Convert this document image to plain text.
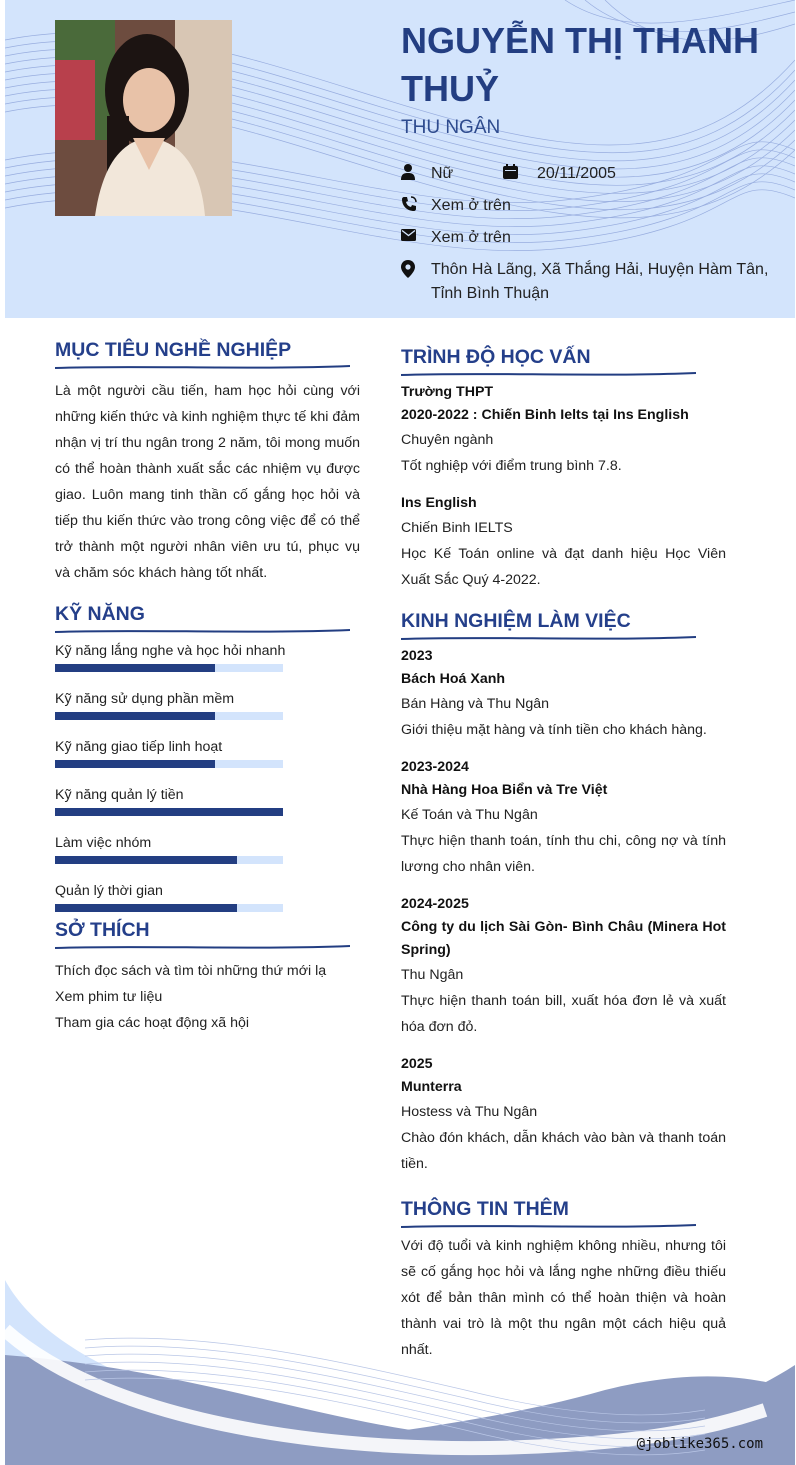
NGUYỄN THỊ THANH THUỶ
THU NGÂN
Nữ	20/11/2005
Xem ở trên
Xem ở trên
Thôn Hà Lãng, Xã Thắng Hải, Huyện Hàm Tân, Tỉnh Bình Thuận
MỤC TIÊU NGHỀ NGHIỆP
Là một người cầu tiến, ham học hỏi cùng với những kiến thức và kinh nghiệm thực tế khi đảm nhận vị trí thu ngân trong 2 năm, tôi mong muốn có thể hoàn thành xuất sắc các nhiệm vụ được giao. Luôn mang tinh thần cố gắng học hỏi và tiếp thu kiến thức vào trong công việc để có thể trở thành một người nhân viên ưu tú, phục vụ và chăm sóc khách hàng tốt nhất.
KỸ NĂNG
Kỹ năng lắng nghe và học hỏi nhanh
Kỹ năng sử dụng phần mềm
Kỹ năng giao tiếp linh hoạt
Kỹ năng quản lý tiền
Làm việc nhóm
Quản lý thời gian
SỞ THÍCH
Thích đọc sách và tìm tòi những thứ mới lạ
Xem phim tư liệu
Tham gia các hoạt động xã hội
TRÌNH ĐỘ HỌC VẤN
Trường THPT
2020-2022 : Chiến Binh Ielts tại Ins English
Chuyên ngành
Tốt nghiệp với điểm trung bình 7.8.
Ins English
Chiến Binh IELTS
Học Kế Toán online và đạt danh hiệu Học Viên Xuất Sắc Quý 4-2022.
KINH NGHIỆM LÀM VIỆC
2023
Bách Hoá Xanh
Bán Hàng và Thu Ngân
Giới thiệu mặt hàng và tính tiền cho khách hàng.
2023-2024
Nhà Hàng Hoa Biển và Tre Việt
Kế Toán và Thu Ngân
Thực hiện thanh toán, tính thu chi, công nợ và tính lương cho nhân viên.
2024-2025
Công ty du lịch Sài Gòn- Bình Châu (Minera Hot Spring)
Thu Ngân
Thực hiện thanh toán bill, xuất hóa đơn lẻ và xuất hóa đơn đỏ.
2025
Munterra
Hostess và Thu Ngân
Chào đón khách, dẫn khách vào bàn và thanh toán tiền.
THÔNG TIN THÊM
Với độ tuổi và kinh nghiệm không nhiều, nhưng tôi sẽ cố gắng học hỏi và lắng nghe những điều thiếu xót để bản thân mình có thể hoàn thiện và hoàn thành vai trò là một thu ngân một cách hiệu quả nhất.
@joblike365.com
